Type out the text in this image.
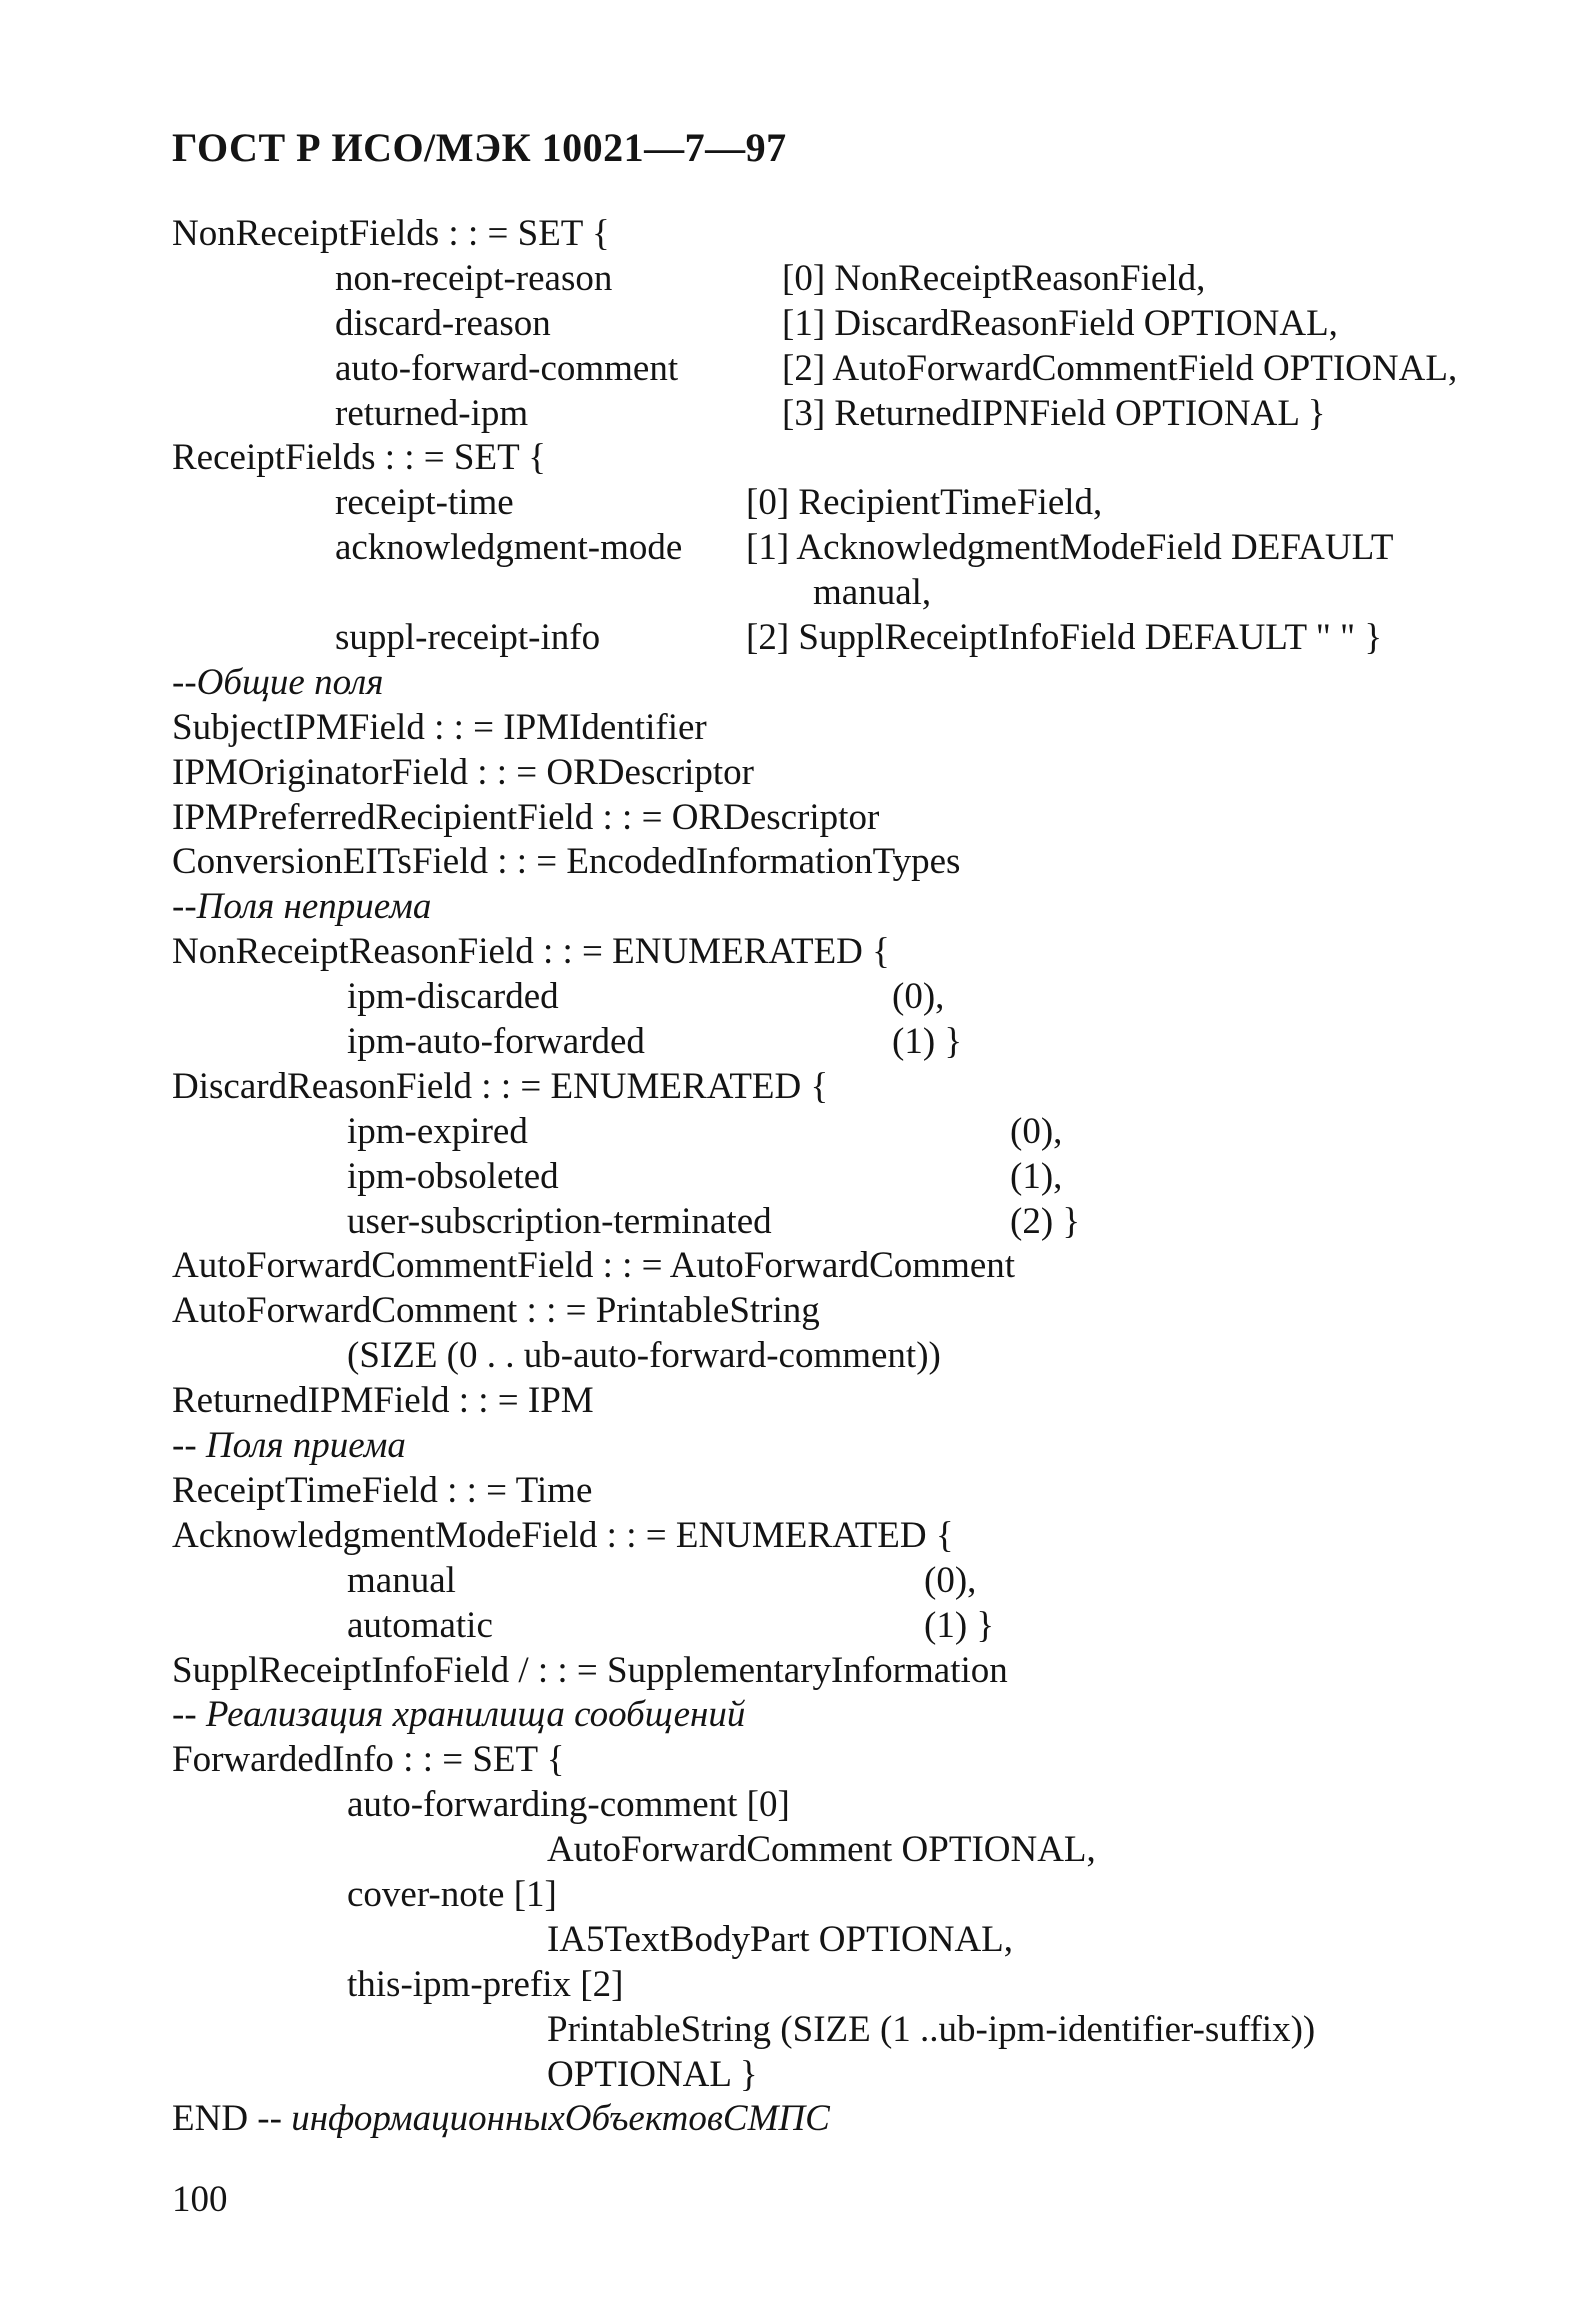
ГОСТ Р ИСО/МЭК 10021—7—97
NonReceiptFields : : = SET {
non-receipt-reason	[0] NonReceiptReasonField,
discard-reason	[1] DiscardReasonField OPTIONAL,
auto-forward-comment	[2] AutoForwardCommentField OPTIONAL,
returned-ipm	[3] ReturnedIPNField OPTIONAL }
ReceiptFields : : = SET {
receipt-time	[0] RecipientTimeField,
acknowledgment-mode [1] AcknowledgmentModeField DEFAULT
manual,
suppl-receipt-info	[2] SupplReceiptInfoField DEFAULT " " }
--Общие поля
SubjectIPMField : : = IPMIdentifier
IPMOriginatorField : : = ORDescriptor
IPMPreferredRecipientField : : = ORDescriptor
ConversionEITsField : : = EncodedInformationTypes
--Поля неприема
NonReceiptReasonField : : = ENUMERATED {
ipm-discarded	(0),
ipm-auto-forwarded	(1) }
DiscardReasonField : : = ENUMERATED {
ipm-expired	(0),
ipm-obsoleted	(1),
user-subscription-terminated	(2) }
AutoForwardCommentField : : = AutoForwardComment
AutoForwardComment : : = PrintableString
(SIZE (0 . . ub-auto-forward-comment))
ReturnedIPMField : : = IPM
-- Поля приема
ReceiptTimeField : : = Time
AcknowledgmentModeField : : = ENUMERATED {
manual	(0),
automatic	(1) }
SupplReceiptInfoField / : : = SupplementaryInformation
-- Реализация хранилища сообщений
ForwardedInfo : : = SET {
auto-forwarding-comment [0]
AutoForwardComment OPTIONAL,
cover-note [1]
IA5TextBodyPart OPTIONAL,
this-ipm-prefix [2]
PrintableString (SIZE (1 ..ub-ipm-identifier-suffix))
OPTIONAL }
END -- информационныхОбъектовСМПС
100
